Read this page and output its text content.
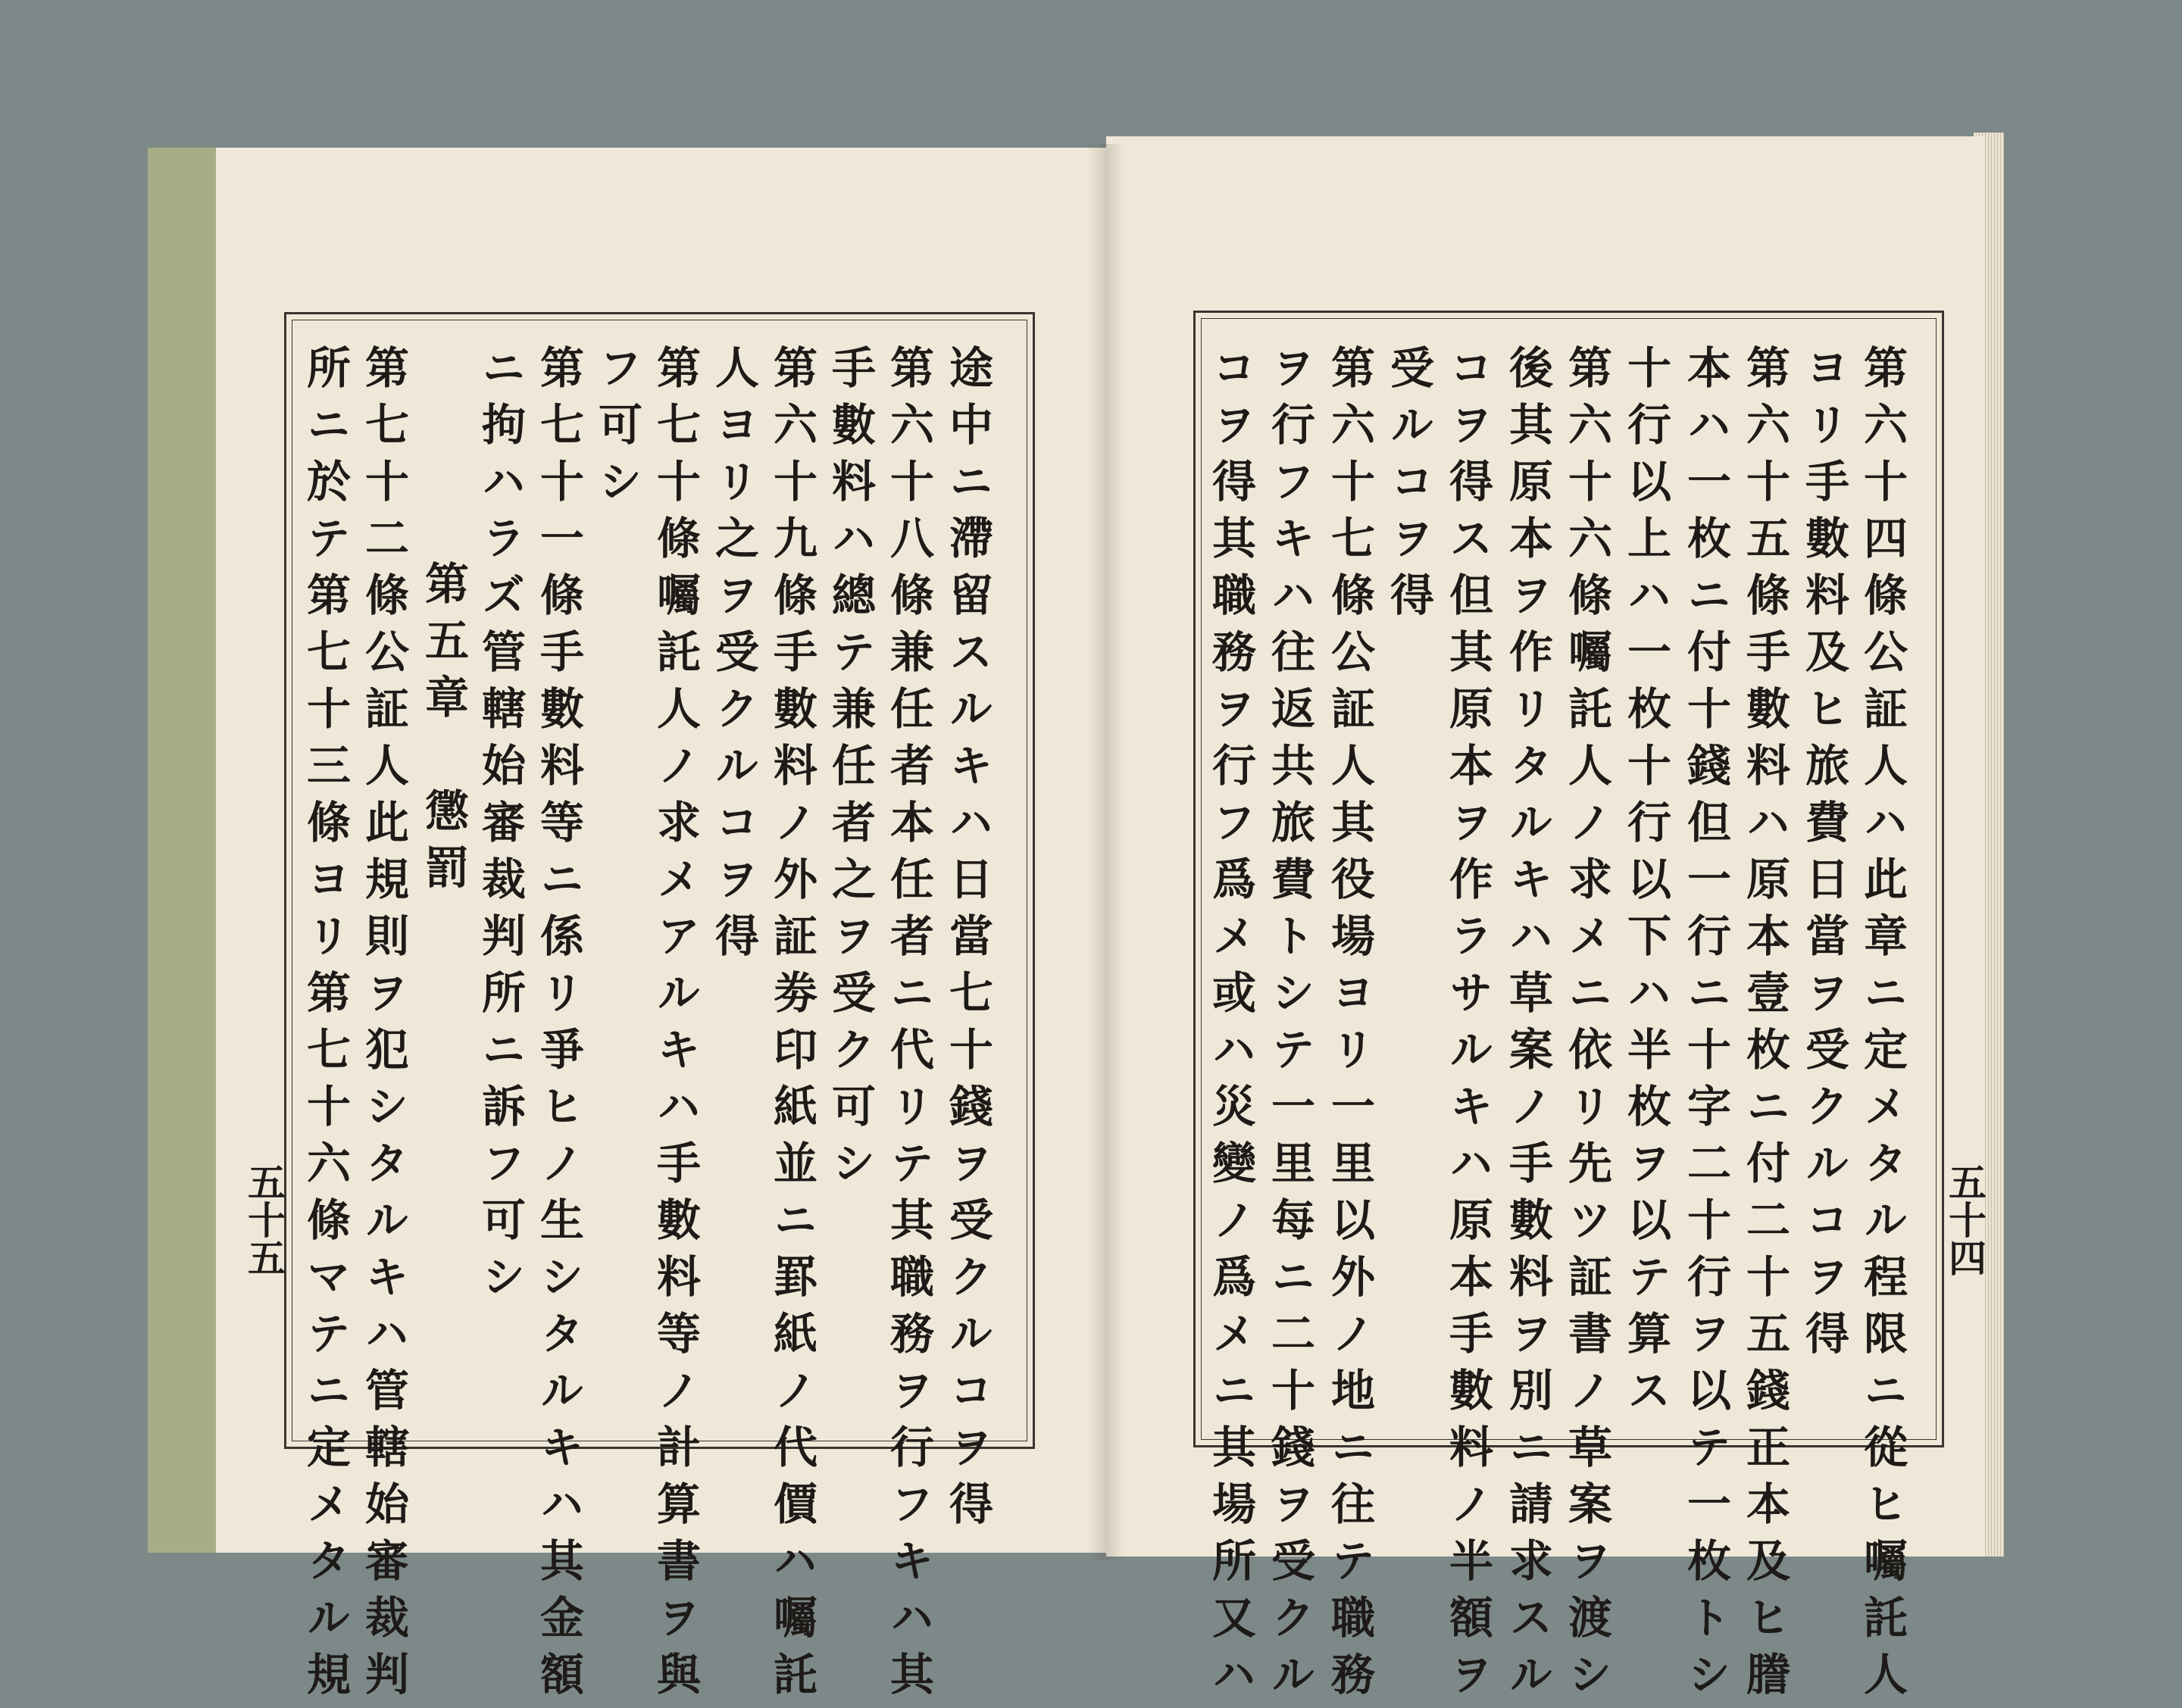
第六十四條公証人ハ此章ニ定メタル程限ニ從ヒ囑託人
ヨリ手數料及ヒ旅費日當ヲ受クルコヲ得
第六十五條手數料ハ原本壹枚ニ付二十五錢正本及ヒ謄
本ハ一枚ニ付十錢但一行ニ十字二十行ヲ以テ一枚トシ
十行以上ハ一枚十行以下ハ半枚ヲ以テ算ス
第六十六條囑託人ノ求メニ依リ先ツ証書ノ草案ヲ渡シ
後其原本ヲ作リタルキハ草案ノ手數料ヲ別ニ請求スル
コヲ得ス但其原本ヲ作ラサルキハ原本手數料ノ半額ヲ
受ルコヲ得
第六十七條公証人其役場ヨリ一里以外ノ地ニ往テ職務
ヲ行フキハ往返共旅費トシテ一里每ニ二十錢ヲ受クル
コヲ得其職務ヲ行フ爲メ或ハ災變ノ爲メニ其場所又ハ	五十四
途中ニ滯留スルキハ日當七十錢ヲ受クルコヲ得
第六十八條兼任者本任者ニ代リテ其職務ヲ行フキハ其
手數料ハ總テ兼任者之ヲ受ク可シ
第六十九條手數料ノ外証劵印紙並ニ罫紙ノ代價ハ囑託
人ヨリ之ヲ受クルコヲ得
第七十條囑託人ノ求メアルキハ手數料等ノ計算書ヲ與
フ可シ
第七十一條手數料等ニ係リ爭ヒノ生シタルキハ其金額
ニ拘ハラズ管轄始審裁判所ニ訴フ可シ
第五章　懲罰
第七十二條公証人此規則ヲ犯シタルキハ管轄始審裁判
所ニ於テ第七十三條ヨリ第七十六條マテニ定メタル規
五十五
